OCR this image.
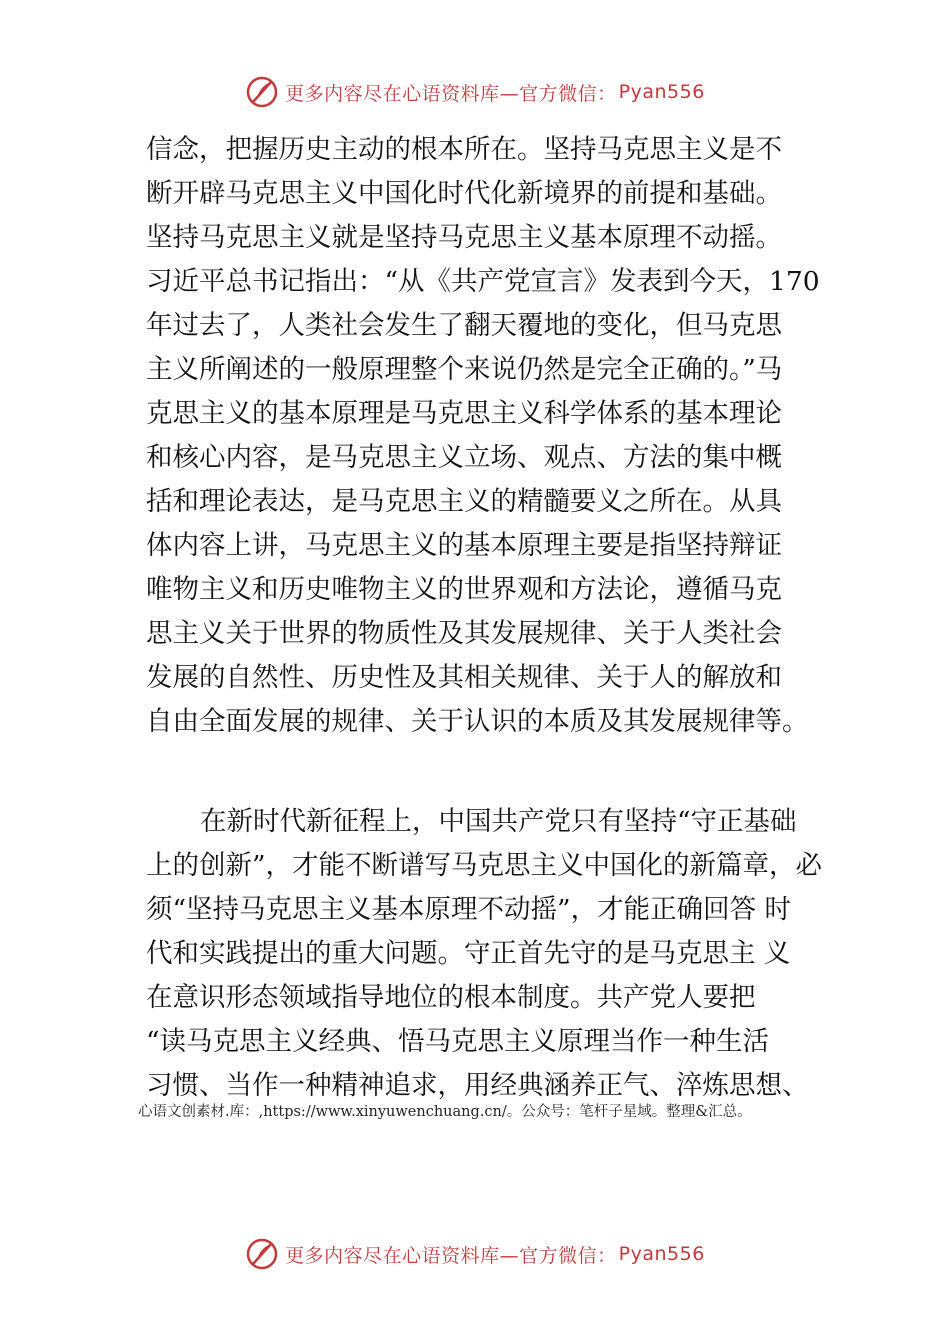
更多内容尽在心语资料库—官方微信： Pyan556
信念，把握历史主动的根本所在。坚持马克思主义是不
断开辟马克思主义中国化时代化新境界的前提和基础。
坚持马克思主义就是坚持马克思主义基本原理不动摇。
习近平总书记指出：“从《共产党宣言》发表到今天，170
年过去了，人类社会发生了翻天覆地的变化，但马克思
主义所阐述的一般原理整个来说仍然是完全正确的。”马
克思主义的基本原理是马克思主义科学体系的基本理论
和核心内容，是马克思主义立场、观点、方法的集中概
括和理论表达，是马克思主义的精髓要义之所在。从具
体内容上讲，马克思主义的基本原理主要是指坚持辩证
唯物主义和历史唯物主义的世界观和方法论，遵循马克
思主义关于世界的物质性及其发展规律、关于人类社会
发展的自然性、历史性及其相关规律、关于人的解放和
自由全面发展的规律、关于认识的本质及其发展规律等。
在新时代新征程上，中国共产党只有坚持“守正基础
上的创新”，才能不断谱写马克思主义中国化的新篇章，必
须“坚持马克思主义基本原理不动摇”，才能正确回答 时
代和实践提出的重大问题。守正首先守的是马克思主 义
在意识形态领域指导地位的根本制度。共产党人要把
“读马克思主义经典、悟马克思主义原理当作一种生活
习惯、当作一种精神追求，用经典涵养正气、淬炼思想、
心语文创素材.库：,https://www.xinyuwenchuang.cn/。公众号：笔杆子星域。整理&汇总。
更多内容尽在心语资料库—官方微信： Pyan556
